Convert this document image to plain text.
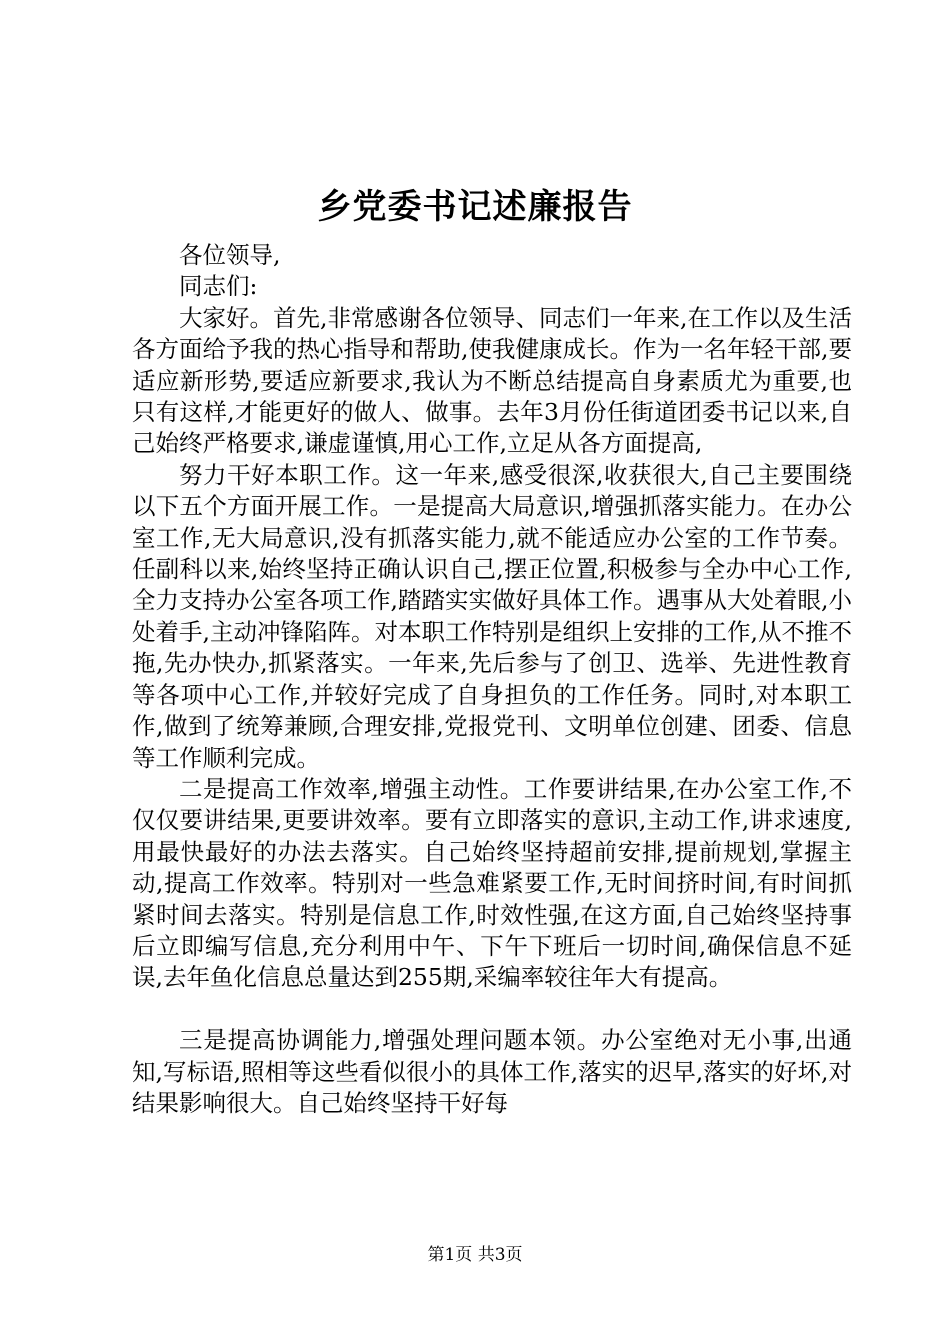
乡党委书记述廉报告

各位领导,

同志们:

大家好。首先,非常感谢各位领导、同志们一年来,在工作以及生活各方面给予我的热心指导和帮助,使我健康成长。作为一名年轻干部,要适应新形势,要适应新要求,我认为不断总结提高自身素质尤为重要,也只有这样,才能更好的做人、做事。去年3月份任街道团委书记以来,自己始终严格要求,谦虚谨慎,用心工作,立足从各方面提高,

努力干好本职工作。这一年来,感受很深,收获很大,自己主要围绕以下五个方面开展工作。一是提高大局意识,增强抓落实能力。在办公室工作,无大局意识,没有抓落实能力,就不能适应办公室的工作节奏。任副科以来,始终坚持正确认识自己,摆正位置,积极参与全办中心工作,全力支持办公室各项工作,踏踏实实做好具体工作。遇事从大处着眼,小处着手,主动冲锋陷阵。对本职工作特别是组织上安排的工作,从不推不拖,先办快办,抓紧落实。一年来,先后参与了创卫、选举、先进性教育等各项中心工作,并较好完成了自身担负的工作任务。同时,对本职工作,做到了统筹兼顾,合理安排,党报党刊、文明单位创建、团委、信息等工作顺利完成。

二是提高工作效率,增强主动性。工作要讲结果,在办公室工作,不仅仅要讲结果,更要讲效率。要有立即落实的意识,主动工作,讲求速度,用最快最好的办法去落实。自己始终坚持超前安排,提前规划,掌握主动,提高工作效率。特别对一些急难紧要工作,无时间挤时间,有时间抓紧时间去落实。特别是信息工作,时效性强,在这方面,自己始终坚持事后立即编写信息,充分利用中午、下午下班后一切时间,确保信息不延误,去年鱼化信息总量达到255期,采编率较往年大有提高。

三是提高协调能力,增强处理问题本领。办公室绝对无小事,出通知,写标语,照相等这些看似很小的具体工作,落实的迟早,落实的好坏,对结果影响很大。自己始终坚持干好每

第1页 共3页
